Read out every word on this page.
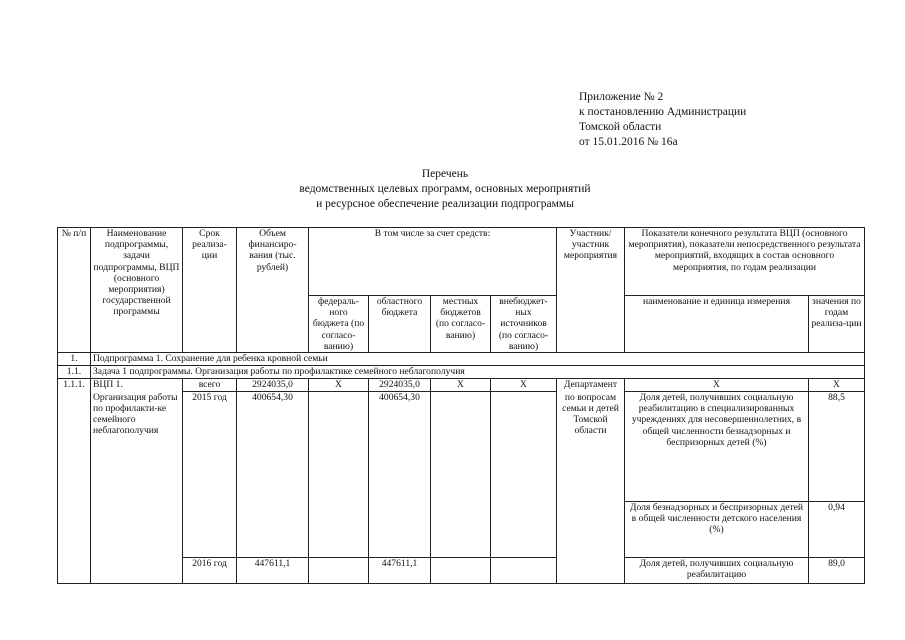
Приложение № 2
к постановлению Администрации
Томской области
от 15.01.2016 № 16а
Перечень
ведомственных целевых программ, основных мероприятий
и ресурсное обеспечение реализации подпрограммы
№ п/п	Наименование подпрограммы, задачи подпрограммы, ВЦП (основного мероприятия) государственной программы	Срок реализа-ции	Объем финансиро-вания (тыс. рублей)	В том числе за счет средств:				Участник/ участник мероприятия	Показатели конечного результата ВЦП (основного мероприятия), показатели непосредственного результата мероприятий, входящих в состав основного мероприятия, по годам реализации	
				федераль-ного бюджета (по согласо-ванию)	областного бюджета	местных бюджетов (по согласо-ванию)	внебюджет-ных источников (по согласо-ванию)		наименование и единица измерения	значения по годам реализа-ции
1.	Подпрограмма 1. Сохранение для ребенка кровной семьи									
1.1.	Задача 1 подпрограммы. Организация работы по профилактике семейного неблагополучия									
1.1.1.	ВЦП 1.	всего	2924035,0	Х	2924035,0	Х	Х	Департамент	Х	Х
	Организация работы по профилакти-ке семейного неблагополучия	2015 год	400654,30		400654,30			по вопросам семьи и детей Томской области	Доля детей, получивших социальную реабилитацию в специализированных учреждениях для несовершеннолетних, в общей численности безнадзорных и беспризорных детей (%)	88,5
									Доля безнадзорных и беспризорных детей в общей численности детского населения (%)	0,94
		2016 год	447611,1		447611,1				Доля детей, получивших социальную реабилитацию	89,0
